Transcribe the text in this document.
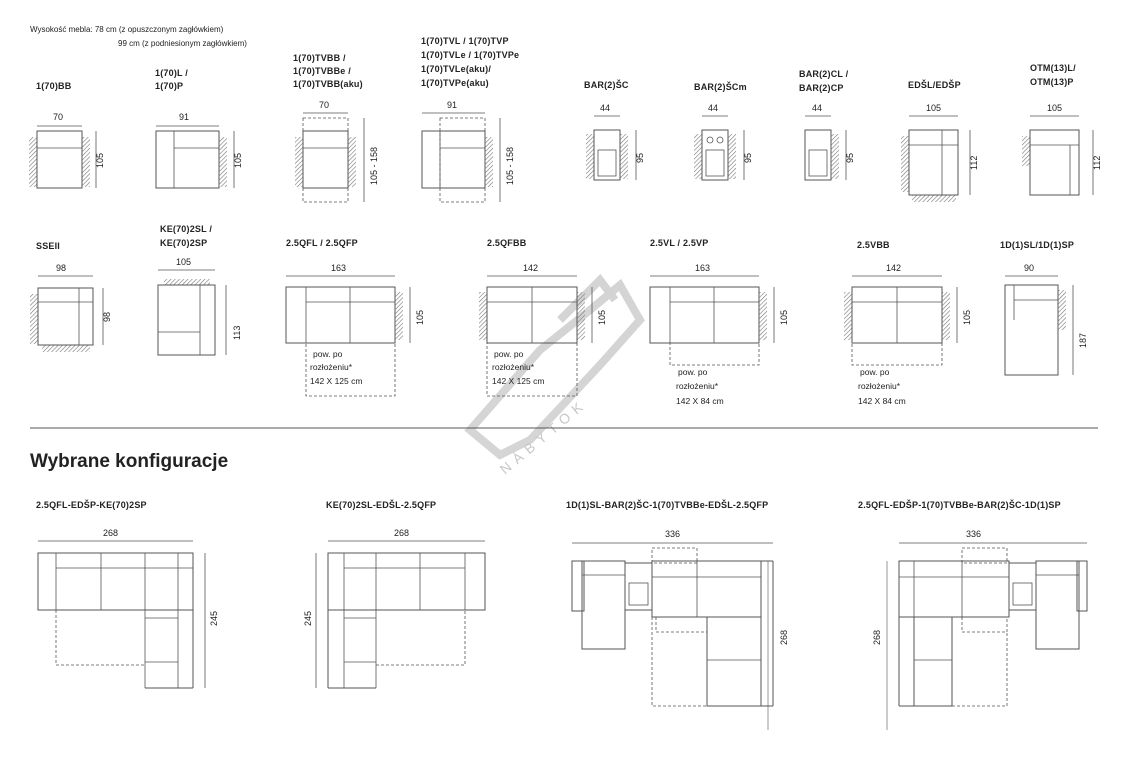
Wysokość mebla: 78 cm (z opuszczonym zagłówkiem)
99 cm (z podniesionym zagłówkiem)
NÁBYTOK
1(70)BB
70
105
1(70)L /
1(70)P
91
105
1(70)TVBB /
1(70)TVBBe /
1(70)TVBB(aku)
70
105 - 158
1(70)TVL / 1(70)TVP
1(70)TVLe / 1(70)TVPe
1(70)TVLe(aku)/
1(70)TVPe(aku)
91
105 - 158
BAR(2)ŠC
44
95
BAR(2)ŠCm
44
95
BAR(2)CL /
BAR(2)CP
44
95
EDŠL/EDŠP
105
112
OTM(13)L/
OTM(13)P
105
112
SSEII
98
98
KE(70)2SL /
KE(70)2SP
105
113
2.5QFL / 2.5QFP
163
105
pow. po
rozłożeniu*
142 X 125 cm
2.5QFBB
142
105
pow. po
rozłożeniu*
142 X 125 cm
2.5VL / 2.5VP
163
105
pow. po
rozłożeniu*
142 X 84 cm
2.5VBB
142
105
pow. po
rozłożeniu*
142 X 84 cm
1D(1)SL/1D(1)SP
90
187
Wybrane konfiguracje
2.5QFL-EDŠP-KE(70)2SP
268
245
KE(70)2SL-EDŠL-2.5QFP
268
245
1D(1)SL-BAR(2)ŠC-1(70)TVBBe-EDŠL-2.5QFP
336
268
2.5QFL-EDŠP-1(70)TVBBe-BAR(2)ŠC-1D(1)SP
336
268
